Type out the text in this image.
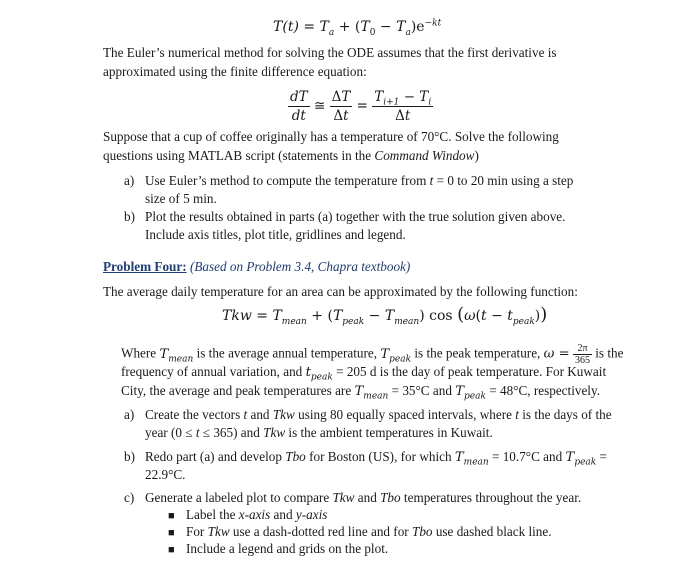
$T(t) = T_a + (T_0 - T_a)e^{-kt}$
The Euler’s numerical method for solving the ODE assumes that the first derivative is
approximated using the finite difference equation:
$\frac{dT}{dt}$ ≅ $\frac{\Delta T}{\Delta t} = \frac{T_{i+1} - T_i}{\Delta t}$
Suppose that a cup of coffee originally has a temperature of 70°C. Solve the following
questions using MATLAB script (statements in the Command Window)
a) Use Euler’s method to compute the temperature from t = 0 to 20 min using a step
size of 5 min.
b) Plot the results obtained in parts (a) together with the true solution given above.
Include axis titles, plot title, gridlines and legend.
Problem Four: (Based on Problem 3.4, Chapra textbook)
The average daily temperature for an area can be approximated by the following function:
Tkw = $T_{mean} + (T_{peak} - T_{mean})$ $\cos (\omega(t - t_{peak}))$
Where $T_{mean}$ is the average annual temperature, $T_{peak}$ is the peak temperature, $\omega = \frac{2\pi}{365}$ is the
frequency of annual variation, and $t_{peak} = 205$ d is the day of peak temperature. For Kuwait
City, the average and peak temperatures are $T_{mean} = 35^\circ C$ and $T_{peak} = 48^\circ C$, respectively.
a) Create the vectors t and Tkw using 80 equally spaced intervals, where t is the days of the
year (0 ≤ t ≤ 365) and Tkw is the ambient temperatures in Kuwait.
b) Redo part (a) and develop Tbo for Boston (US), for which $T_{mean} = 10.7^\circ C$ and $T_{peak}$ =
22.9°C.
c) Generate a labeled plot to compare Tkw and Tbo temperatures throughout the year.
■ Label the x-axis and y-axis
■ For Tkw use a dash-dotted red line and for Tbo use dashed black line.
■ Include a legend and grids on the plot.
